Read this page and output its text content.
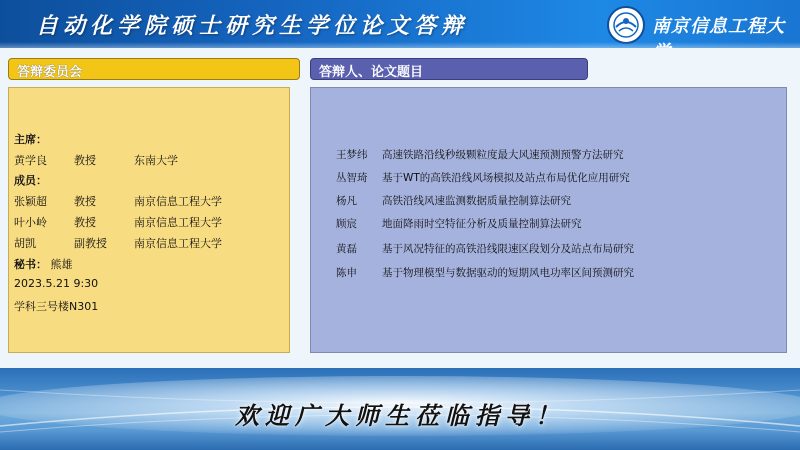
自动化学院硕士研究生学位论文答辩	南京信息工程大
答辩委员会
主席：
黄学良 教授	东南大学
成员：
张颖超 教授	南京信息工程大学
叶小岭 教授	南京信息工程大学
胡凯	副教授 南京信息工程大学
秘书： 熊雄
2023.5.21 9:30
学科三号楼N301
答辩人、论文题目
王梦纬 高速铁路沿线秒级颗粒度最大风速预测预警方法研究
丛智琦 基于WT的高铁沿线风场模拟及站点布局优化应用研究
杨凡 高铁沿线风速监测数据质量控制算法研究
顾宸 地面降雨时空特征分析及质量控制算法研究
黄磊 基于风况特征的高铁沿线限速区段划分及站点布局研究
陈申 基于物理模型与数据驱动的短期风电功率区间预测研究
欢迎广大师生莅临指导！
